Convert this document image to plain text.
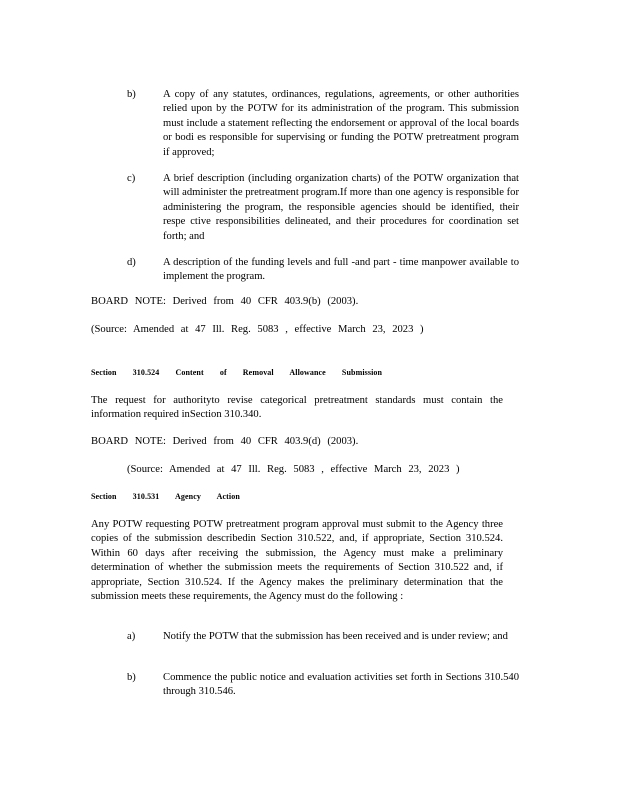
b)	A copy of any statutes, ordinances, regulations, agreements, or other authorities relied upon by the POTW for its administration of the program. This submission must include a statement reflecting the endorsement or approval of the local boards or bodi es responsible for supervising or funding the POTW pretreatment program if approved;
c)	A brief description (including organization charts) of the POTW organization that will administer the pretreatment program.If more than one agency is responsible for administering the program, the responsible agencies should be identified, their respe ctive responsibilities delineated, and their procedures for coordination set forth; and
d)	A description of the funding levels and full -and part - time manpower available to implement the program.
BOARD NOTE: Derived from 40 CFR 403.9(b) (2003).
(Source: Amended at 47 Ill. Reg. 5083 , effective March 23, 2023 )
Section 310.524 Content of Removal Allowance Submission
The request for authorityto revise categorical pretreatment standards must contain the information required inSection 310.340.
BOARD NOTE: Derived from 40 CFR 403.9(d) (2003).
(Source: Amended at 47 Ill. Reg. 5083 , effective March 23, 2023 )
Section 310.531 Agency Action
Any POTW requesting POTW pretreatment program approval must submit to the Agency three copies of the submission describedin Section 310.522, and, if appropriate, Section 310.524. Within 60 days after receiving the submission, the Agency must make a preliminary determination of whether the submission meets the requirements of Section 310.522 and, if appropriate, Section 310.524. If the Agency makes the preliminary determination that the submission meets these requirements, the Agency must do the following :
a)	Notify the POTW that the submission has been received and is under review; and
b)	Commence the public notice and evaluation activities set forth in Sections 310.540 through 310.546.
